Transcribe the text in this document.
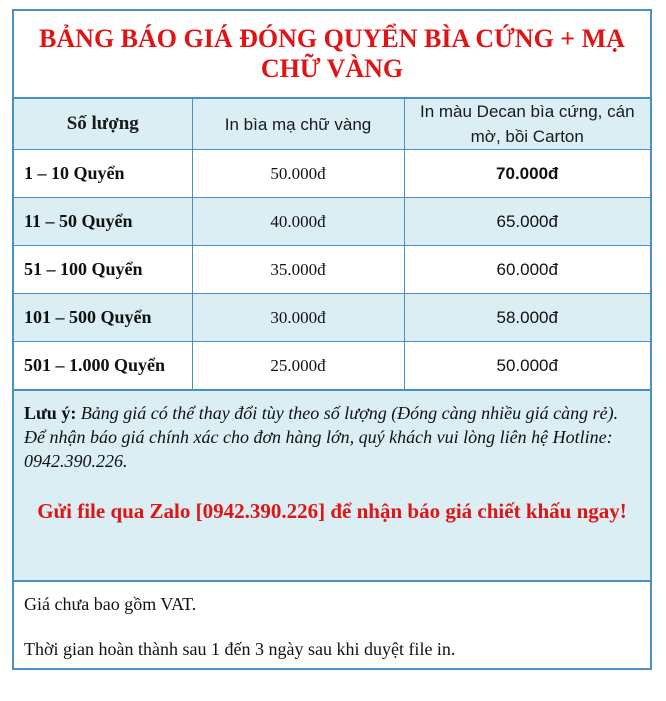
BẢNG BÁO GIÁ ĐÓNG QUYỂN BÌA CỨNG + MẠ CHỮ VÀNG
Số lượng	In bìa mạ chữ vàng	In màu Decan bìa cứng, cán mờ, bồi Carton
1 – 10 Quyển	50.000đ	70.000đ
11 – 50 Quyển	40.000đ	65.000đ
51 – 100 Quyển	35.000đ	60.000đ
101 – 500 Quyển	30.000đ	58.000đ
501 – 1.000 Quyển	25.000đ	50.000đ

Lưu ý: Bảng giá có thể thay đổi tùy theo số lượng (Đóng càng nhiều giá càng rẻ). Để nhận báo giá chính xác cho đơn hàng lớn, quý khách vui lòng liên hệ Hotline: 0942.390.226.

Gửi file qua Zalo [0942.390.226] để nhận báo giá chiết khấu ngay!

Giá chưa bao gồm VAT.

Thời gian hoàn thành sau 1 đến 3 ngày sau khi duyệt file in.
